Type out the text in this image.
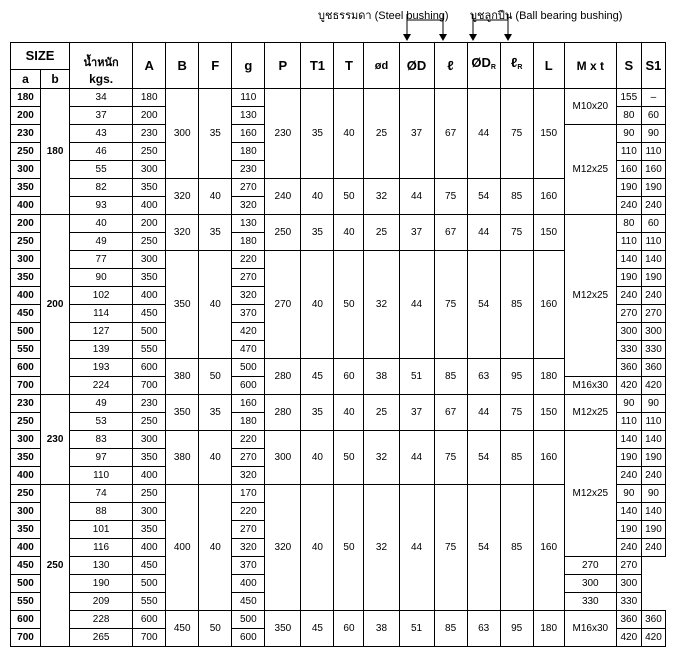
บูชธรรมดา (Steel bushing) บูชลูกปืน (Ball bearing bushing)
SIZE		น้ำหนัก	A	B	F	g	P	T1	T	ød	ØD	ℓ	$ØD_R$	ℓ$_R$	L	M x t	S	S1
a	b	kgs.																
180	180	34	180	300	35	110	230	35	40	25	37	67	44	75	150	M10x20	155	–
200		37	200			130											80	60
230		43	230			160										M12x25	90	90
250		46	250			180											110	110
300		55	300			230											160	160
350		82	350	320	40	270	240	40	50	32	44	75	54	85	160		190	190
400		93	400			320											240	240
200	200	40	200	320	35	130	250	35	40	25	37	67	44	75	150	M12x25	80	60
250		49	250			180											110	110
300		77	300	350	40	220	270	40	50	32	44	75	54	85	160		140	140
350		90	350			270											190	190
400		102	400			320											240	240
450		114	450			370											270	270
500		127	500			420											300	300
550		139	550			470											330	330
600		193	600	380	50	500	280	45	60	38	51	85	63	95	180		360	360
700		224	700			600										M16x30	420	420
230	230	49	230	350	35	160	280	35	40	25	37	67	44	75	150	M12x25	90	90
250		53	250			180											110	110
300		83	300	380	40	220	300	40	50	32	44	75	54	85	160	M12x25	140	140
350		97	350			270											190	190
400		110	400			320											240	240
250	250	74	250	400	40	170	320	40	50	32	44	75	54	85	160		90	90
300		88	300			220											140	140
350		101	350			270											190	190
400		116	400			320											240	240
450		130	450			370										270	270	
500		190	500			400										300	300	
550		209	550			450										330	330	
600		228	600	450	50	500	350	45	60	38	51	85	63	95	180	M16x30	360	360
700		265	700			600											420	420
